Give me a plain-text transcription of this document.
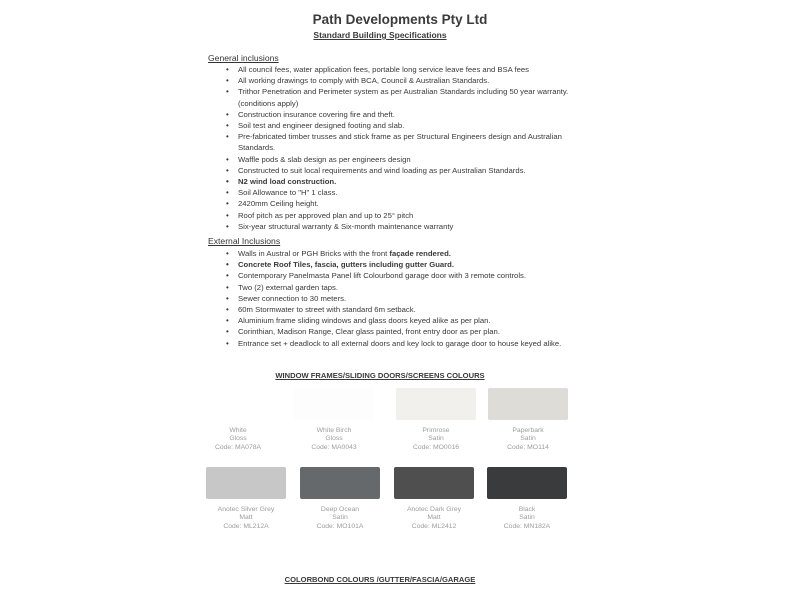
Path Developments Pty Ltd
Standard Building Specifications
General inclusions
• All council fees, water application fees, portable long service leave fees and BSA fees
• All working drawings to comply with BCA, Council & Australian Standards.
• Trithor Penetration and Perimeter system as per Australian Standards including 50 year warranty. (conditions apply)
• Construction insurance covering fire and theft.
• Soil test and engineer designed footing and slab.
• Pre-fabricated timber trusses and stick frame as per Structural Engineers design and Australian Standards.
• Waffle pods & slab design as per engineers design
• Constructed to suit local requirements and wind loading as per Australian Standards.
• N2 wind load construction.
• Soil Allowance to "H" 1 class.
• 2420mm Ceiling height.
• Roof pitch as per approved plan and up to 25° pitch
• Six-year structural warranty & Six-month maintenance warranty
External Inclusions
• Walls in Austral or PGH Bricks with the front façade rendered.
• Concrete Roof Tiles, fascia, gutters including gutter Guard.
• Contemporary Panelmasta Panel lift Colourbond garage door with 3 remote controls.
• Two (2) external garden taps.
• Sewer connection to 30 meters.
• 60m Stormwater to street with standard 6m setback.
• Aluminium frame sliding windows and glass doors keyed alike as per plan.
• Corinthian, Madison Range, Clear glass painted, front entry door as per plan.
• Entrance set + deadlock to all external doors and key lock to garage door to house keyed alike.
WINDOW FRAMES/SLIDING DOORS/SCREENS COLOURS
White
Gloss
Code: MA078A
White Birch
Gloss
Code: MA0043
Primrose
Satin
Code: MO0016
Paperbark
Satin
Code: MO114
Anotec Silver Grey
Matt
Code: ML212A
Deep Ocean
Satin
Code: MO101A
Anotec Dark Grey
Matt
Code: ML2412
Black
Satin
Code: MN182A
COLORBOND COLOURS /GUTTER/FASCIA/GARAGE
